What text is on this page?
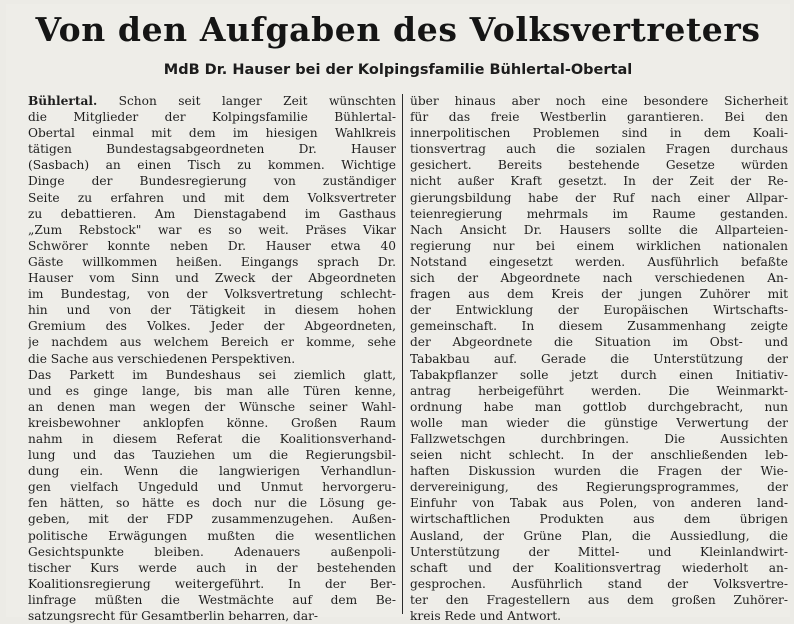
Von den Aufgaben des Volksvertreters
MdB Dr. Hauser bei der Kolpingsfamilie Bühlertal-Obertal
Bühlertal. Schon seit langer Zeit wünschten
die Mitglieder der Kolpingsfamilie Bühlertal-
Obertal einmal mit dem im hiesigen Wahlkreis
tätigen Bundestagsabgeordneten Dr. Hauser
(Sasbach) an einen Tisch zu kommen. Wichtige
Dinge der Bundesregierung von zuständiger
Seite zu erfahren und mit dem Volksvertreter
zu debattieren. Am Dienstagabend im Gasthaus
„Zum Rebstock" war es so weit. Präses Vikar
Schwörer konnte neben Dr. Hauser etwa 40
Gäste willkommen heißen. Eingangs sprach Dr.
Hauser vom Sinn und Zweck der Abgeordneten
im Bundestag, von der Volksvertretung schlecht-
hin und von der Tätigkeit in diesem hohen
Gremium des Volkes. Jeder der Abgeordneten,
je nachdem aus welchem Bereich er komme, sehe
die Sache aus verschiedenen Perspektiven.
Das Parkett im Bundeshaus sei ziemlich glatt,
und es ginge lange, bis man alle Türen kenne,
an denen man wegen der Wünsche seiner Wahl-
kreisbewohner anklopfen könne. Großen Raum
nahm in diesem Referat die Koalitionsverhand-
lung und das Tauziehen um die Regierungsbil-
dung ein. Wenn die langwierigen Verhandlun-
gen vielfach Ungeduld und Unmut hervorgeru-
fen hätten, so hätte es doch nur die Lösung ge-
geben, mit der FDP zusammenzugehen. Außen-
politische Erwägungen mußten die wesentlichen
Gesichtspunkte bleiben. Adenauers außenpoli-
tischer Kurs werde auch in der bestehenden
Koalitionsregierung weitergeführt. In der Ber-
linfrage müßten die Westmächte auf dem Be-
satzungsrecht für Gesamtberlin beharren, dar-
über hinaus aber noch eine besondere Sicherheit
für das freie Westberlin garantieren. Bei den
innerpolitischen Problemen sind in dem Koali-
tionsvertrag auch die sozialen Fragen durchaus
gesichert. Bereits bestehende Gesetze würden
nicht außer Kraft gesetzt. In der Zeit der Re-
gierungsbildung habe der Ruf nach einer Allpar-
teienregierung mehrmals im Raume gestanden.
Nach Ansicht Dr. Hausers sollte die Allparteien-
regierung nur bei einem wirklichen nationalen
Notstand eingesetzt werden. Ausführlich befaßte
sich der Abgeordnete nach verschiedenen An-
fragen aus dem Kreis der jungen Zuhörer mit
der Entwicklung der Europäischen Wirtschafts-
gemeinschaft. In diesem Zusammenhang zeigte
der Abgeordnete die Situation im Obst- und
Tabakbau auf. Gerade die Unterstützung der
Tabakpflanzer solle jetzt durch einen Initiativ-
antrag herbeigeführt werden. Die Weinmarkt-
ordnung habe man gottlob durchgebracht, nun
wolle man wieder die günstige Verwertung der
Fallzwetschgen durchbringen. Die Aussichten
seien nicht schlecht. In der anschließenden leb-
haften Diskussion wurden die Fragen der Wie-
dervereinigung, des Regierungsprogrammes, der
Einfuhr von Tabak aus Polen, von anderen land-
wirtschaftlichen Produkten aus dem übrigen
Ausland, der Grüne Plan, die Aussiedlung, die
Unterstützung der Mittel- und Kleinlandwirt-
schaft und der Koalitionsvertrag wiederholt an-
gesprochen. Ausführlich stand der Volksvertre-
ter den Fragestellern aus dem großen Zuhörer-
kreis Rede und Antwort.
